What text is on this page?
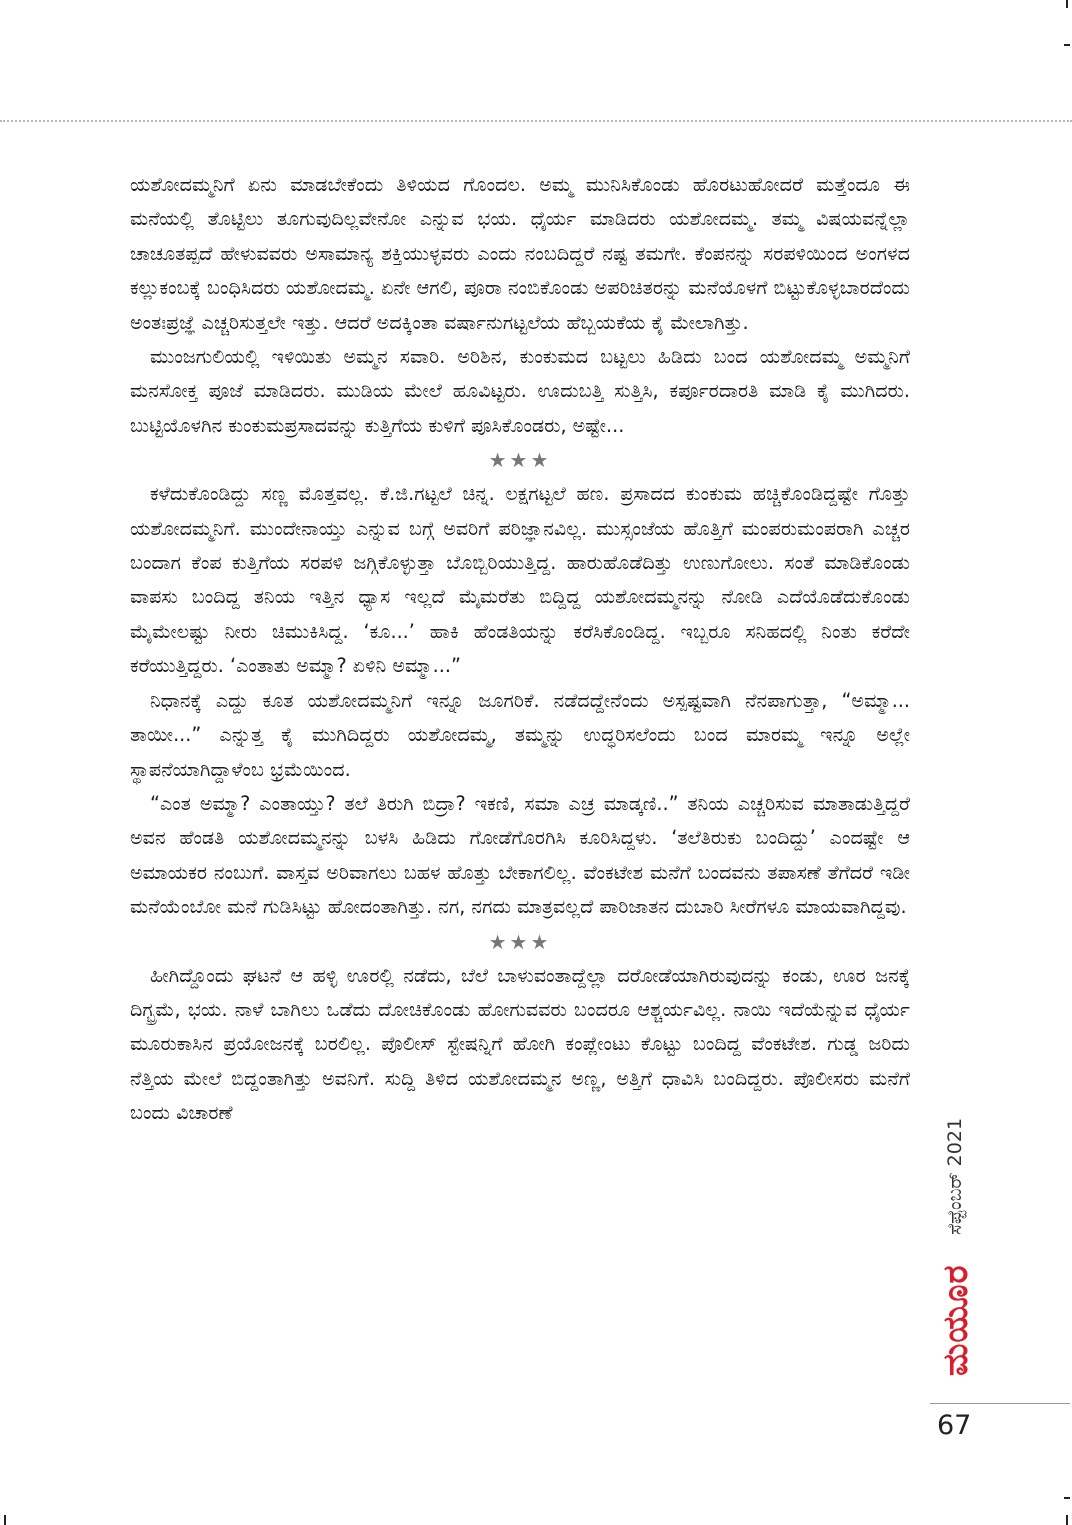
ಯಶೋದಮ್ಮನಿಗೆ ಏನು ಮಾಡಬೇಕೆಂದು ತಿಳಿಯದ ಗೊಂದಲ. ಅಮ್ಮ ಮುನಿಸಿಕೊಂಡು ಹೊರಟುಹೋದರೆ ಮತ್ತೆಂದೂ ಈ ಮನೆಯಲ್ಲಿ ತೊಟ್ಟಿಲು ತೂಗುವುದಿಲ್ಲವೇನೋ ಎನ್ನುವ ಭಯ. ಧೈರ್ಯ ಮಾಡಿದರು ಯಶೋದಮ್ಮ. ತಮ್ಮ ವಿಷಯವನ್ನೆಲ್ಲಾ ಚಾಚೂತಪ್ಪದೆ ಹೇಳುವವರು ಅಸಾಮಾನ್ಯ ಶಕ್ತಿಯುಳ್ಳವರು ಎಂದು ನಂಬದಿದ್ದರೆ ನಷ್ಟ ತಮಗೇ. ಕೆಂಪನನ್ನು ಸರಪಳಿಯಿಂದ ಅಂಗಳದ ಕಲ್ಲುಕಂಬಕ್ಕೆ ಬಂಧಿಸಿದರು ಯಶೋದಮ್ಮ. ಏನೇ ಆಗಲಿ, ಪೂರಾ ನಂಬಿಕೊಂಡು ಅಪರಿಚಿತರನ್ನು ಮನೆಯೊಳಗೆ ಬಿಟ್ಟುಕೊಳ್ಳಬಾರದೆಂದು ಅಂತಃಪ್ರಜ್ಞೆ ಎಚ್ಚರಿಸುತ್ತಲೇ ಇತ್ತು. ಆದರೆ ಅದಕ್ಕಿಂತಾ ವರ್ಷಾನುಗಟ್ಟಲೆಯ ಹೆಬ್ಬಯಕೆಯ ಕೈ ಮೇಲಾಗಿತ್ತು.

ಮುಂಜಗುಲಿಯಲ್ಲಿ ಇಳಿಯಿತು ಅಮ್ಮನ ಸವಾರಿ. ಅರಿಶಿನ, ಕುಂಕುಮದ ಬಟ್ಟಲು ಹಿಡಿದು ಬಂದ ಯಶೋದಮ್ಮ ಅಮ್ಮನಿಗೆ ಮನಸೋಕ್ತ ಪೂಜೆ ಮಾಡಿದರು. ಮುಡಿಯ ಮೇಲೆ ಹೂವಿಟ್ಟರು. ಊದುಬತ್ತಿ ಸುತ್ತಿಸಿ, ಕರ್ಪೂರದಾರತಿ ಮಾಡಿ ಕೈ ಮುಗಿದರು. ಬುಟ್ಟಿಯೊಳಗಿನ ಕುಂಕುಮಪ್ರಸಾದವನ್ನು ಕುತ್ತಿಗೆಯ ಕುಳಿಗೆ ಪೂಸಿಕೊಂಡರು, ಅಷ್ಟೇ...

★★★

ಕಳೆದುಕೊಂಡಿದ್ದು ಸಣ್ಣ ಮೊತ್ತವಲ್ಲ. ಕೆ.ಜಿ.ಗಟ್ಟಲೆ ಚಿನ್ನ. ಲಕ್ಷಗಟ್ಟಲೆ ಹಣ. ಪ್ರಸಾದದ ಕುಂಕುಮ ಹಚ್ಚಿಕೊಂಡಿದ್ದಷ್ಟೇ ಗೊತ್ತು ಯಶೋದಮ್ಮನಿಗೆ. ಮುಂದೇನಾಯ್ತು ಎನ್ನುವ ಬಗ್ಗೆ ಅವರಿಗೆ ಪರಿಜ್ಞಾನವಿಲ್ಲ. ಮುಸ್ಸಂಜೆಯ ಹೊತ್ತಿಗೆ ಮಂಪರುಮಂಪರಾಗಿ ಎಚ್ಚರ ಬಂದಾಗ ಕೆಂಪ ಕುತ್ತಿಗೆಯ ಸರಪಳಿ ಜಗ್ಗಿಕೊಳ್ಳುತ್ತಾ ಬೊಬ್ಬಿರಿಯುತ್ತಿದ್ದ. ಹಾರುಹೊಡೆದಿತ್ತು ಉಣುಗೋಲು. ಸಂತೆ ಮಾಡಿಕೊಂಡು ವಾಪಸು ಬಂದಿದ್ದ ತನಿಯ ಇತ್ತಿನ ಧ್ಯಾಸ ಇಲ್ಲದೆ ಮೈಮರೆತು ಬಿದ್ದಿದ್ದ ಯಶೋದಮ್ಮನನ್ನು ನೋಡಿ ಎದೆಯೊಡೆದುಕೊಂಡು ಮೈಮೇಲಷ್ಟು ನೀರು ಚಿಮುಕಿಸಿದ್ದ. ‘ಕೂ...’ ಹಾಕಿ ಹೆಂಡತಿಯನ್ನು ಕರೆಸಿಕೊಂಡಿದ್ದ. ಇಬ್ಬರೂ ಸನಿಹದಲ್ಲಿ ನಿಂತು ಕರೆದೇ ಕರೆಯುತ್ತಿದ್ದರು. ‘ಎಂತಾತು ಅಮ್ಮಾ? ಏಳಿನಿ ಅಮ್ಮಾ...”

ನಿಧಾನಕ್ಕೆ ಎದ್ದು ಕೂತ ಯಶೋದಮ್ಮನಿಗೆ ಇನ್ನೂ ಜೂಗರಿಕೆ. ನಡೆದದ್ದೇನೆಂದು ಅಸ್ಪಷ್ಟವಾಗಿ ನೆನಪಾಗುತ್ತಾ, “ಅಮ್ಮಾ... ತಾಯೀ...” ಎನ್ನುತ್ತ ಕೈ ಮುಗಿದಿದ್ದರು ಯಶೋದಮ್ಮ, ತಮ್ಮನ್ನು ಉದ್ಧರಿಸಲೆಂದು ಬಂದ ಮಾರಮ್ಮ ಇನ್ನೂ ಅಲ್ಲೇ ಸ್ಥಾಪನೆಯಾಗಿದ್ದಾಳೆಂಬ ಭ್ರಮೆಯಿಂದ.

“ಎಂತ ಅಮ್ಮಾ? ಎಂತಾಯ್ತು? ತಲೆ ತಿರುಗಿ ಬಿದ್ರಾ? ಇಕಣಿ, ಸಮಾ ಎಚ್ರ ಮಾಡ್ಕಣಿ..” ತನಿಯ ಎಚ್ಚರಿಸುವ ಮಾತಾಡುತ್ತಿದ್ದರೆ ಅವನ ಹೆಂಡತಿ ಯಶೋದಮ್ಮನನ್ನು ಬಳಸಿ ಹಿಡಿದು ಗೋಡೆಗೊರಗಿಸಿ ಕೂರಿಸಿದ್ದಳು. ‘ತಲೆತಿರುಕು ಬಂದಿದ್ದು’ ಎಂದಷ್ಟೇ ಆ ಅಮಾಯಕರ ನಂಬುಗೆ. ವಾಸ್ತವ ಅರಿವಾಗಲು ಬಹಳ ಹೊತ್ತು ಬೇಕಾಗಲಿಲ್ಲ. ವೆಂಕಟೇಶ ಮನೆಗೆ ಬಂದವನು ತಪಾಸಣೆ ತೆಗೆದರೆ ಇಡೀ ಮನೆಯೆಂಬೋ ಮನೆ ಗುಡಿಸಿಟ್ಟು ಹೋದಂತಾಗಿತ್ತು. ನಗ, ನಗದು ಮಾತ್ರವಲ್ಲದೆ ಪಾರಿಜಾತನ ದುಬಾರಿ ಸೀರೆಗಳೂ ಮಾಯವಾಗಿದ್ದವು.

★★★

ಹೀಗಿದ್ದೊಂದು ಘಟನೆ ಆ ಹಳ್ಳಿ ಊರಲ್ಲಿ ನಡೆದು, ಬೆಲೆ ಬಾಳುವಂತಾದ್ದೆಲ್ಲಾ ದರೋಡೆಯಾಗಿರುವುದನ್ನು ಕಂಡು, ಊರ ಜನಕ್ಕೆ ದಿಗ್ಭ್ರಮೆ, ಭಯ. ನಾಳೆ ಬಾಗಿಲು ಒಡೆದು ದೋಚಿಕೊಂಡು ಹೋಗುವವರು ಬಂದರೂ ಆಶ್ಚರ್ಯವಿಲ್ಲ. ನಾಯಿ ಇದೆಯೆನ್ನುವ ಧೈರ್ಯ ಮೂರುಕಾಸಿನ ಪ್ರಯೋಜನಕ್ಕೆ ಬರಲಿಲ್ಲ. ಪೊಲೀಸ್ ಸ್ಟೇಷನ್ನಿಗೆ ಹೋಗಿ ಕಂಪ್ಲೇಂಟು ಕೊಟ್ಟು ಬಂದಿದ್ದ ವೆಂಕಟೇಶ. ಗುಡ್ಡ ಜರಿದು ನೆತ್ತಿಯ ಮೇಲೆ ಬಿದ್ದಂತಾಗಿತ್ತು ಅವನಿಗೆ. ಸುದ್ದಿ ತಿಳಿದ ಯಶೋದಮ್ಮನ ಅಣ್ಣ, ಅತ್ತಿಗೆ ಧಾವಿಸಿ ಬಂದಿದ್ದರು. ಪೊಲೀಸರು ಮನೆಗೆ ಬಂದು ವಿಚಾರಣೆ

ಸೆಪ್ಟೆಂಬರ್ 2021
ಮಯೂರ
67
